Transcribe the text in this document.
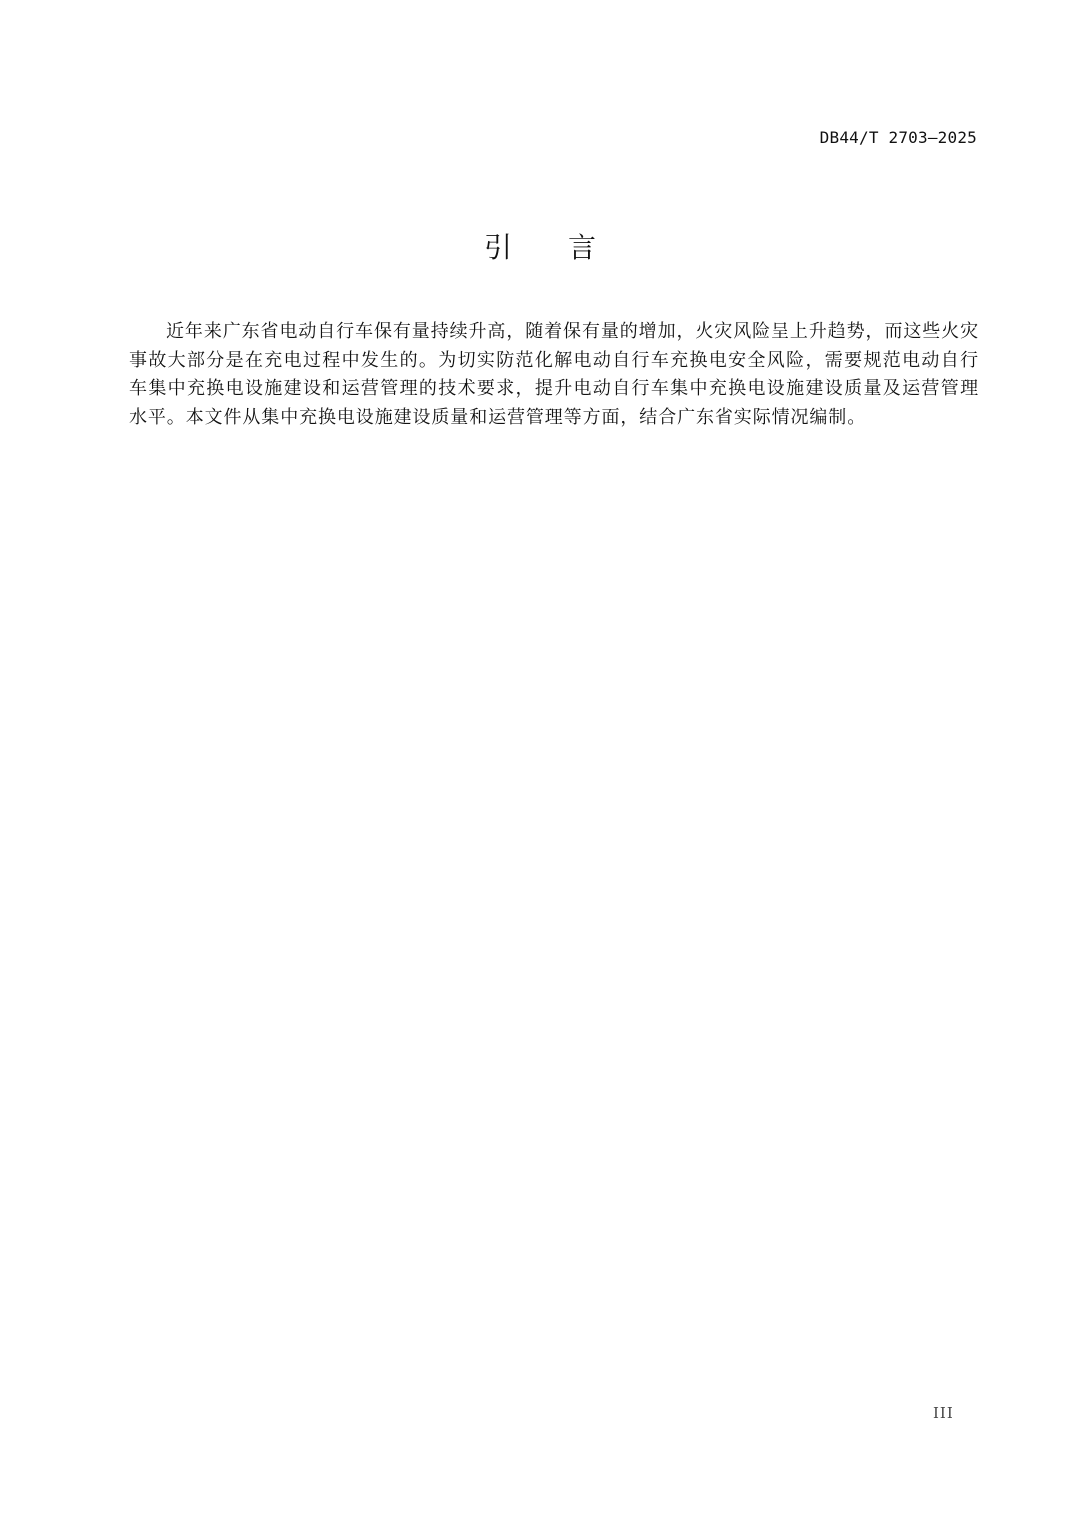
DB44/T 2703—2025
引 言

近年来广东省电动自行车保有量持续升高，随着保有量的增加，火灾风险呈上升趋势，而这些火灾事故大部分是在充电过程中发生的。为切实防范化解电动自行车充换电安全风险，需要规范电动自行车集中充换电设施建设和运营管理的技术要求，提升电动自行车集中充换电设施建设质量及运营管理水平。本文件从集中充换电设施建设质量和运营管理等方面，结合广东省实际情况编制。

III
